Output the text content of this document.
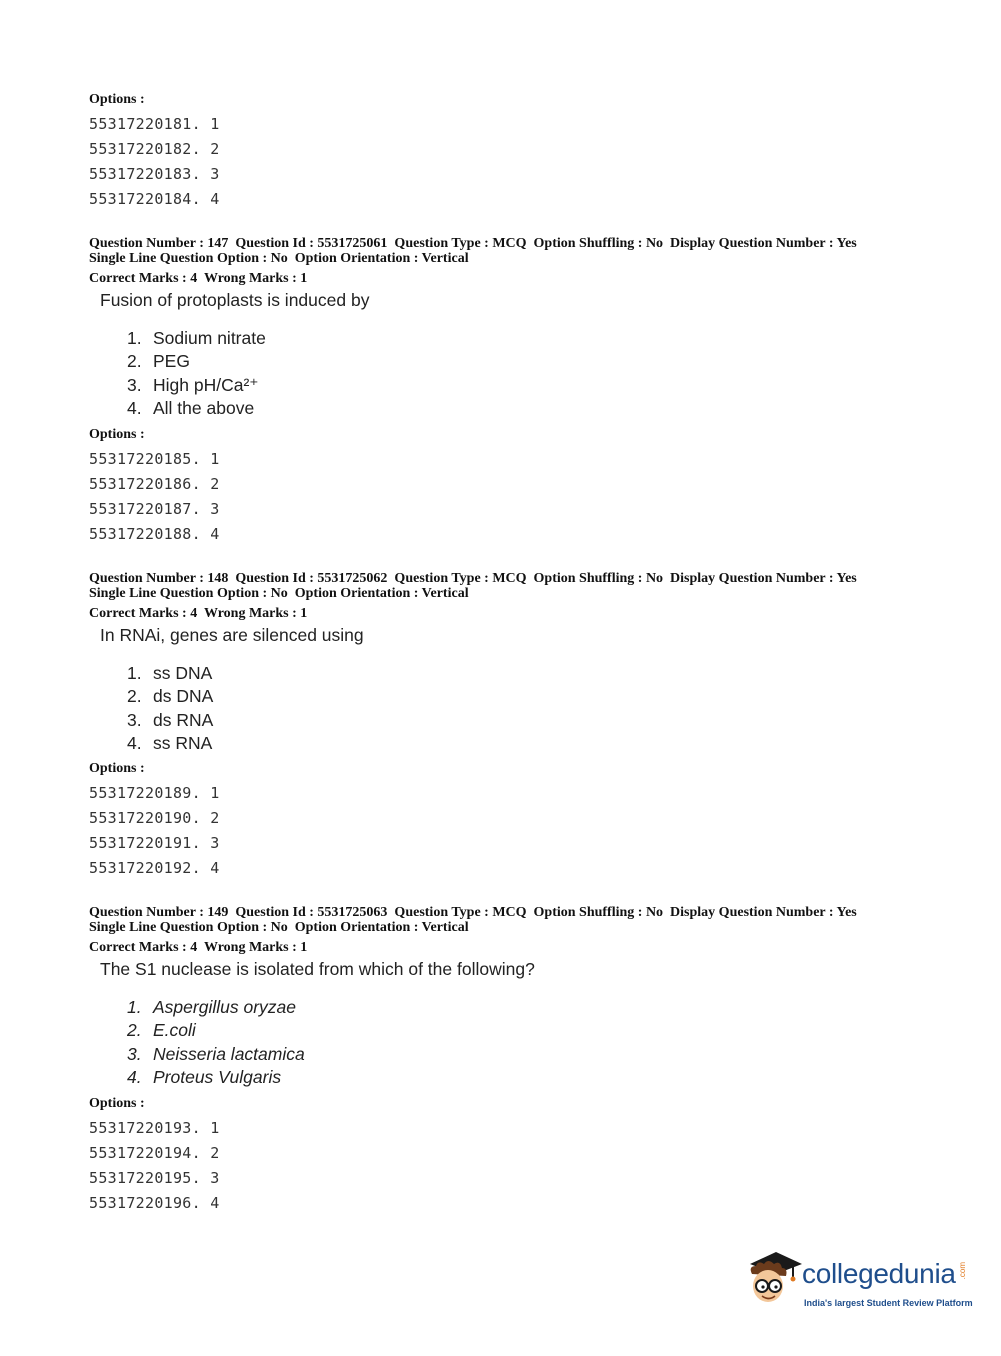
Options :

55317220181. 1
55317220182. 2
55317220183. 3
55317220184. 4

Question Number : 147  Question Id : 5531725061  Question Type : MCQ  Option Shuffling : No  Display Question Number : Yes

Single Line Question Option : No  Option Orientation : Vertical

Correct Marks : 4  Wrong Marks : 1

Fusion of protoplasts is induced by
1. Sodium nitrate
2. PEG
3. High pH/Ca²⁺
4. All the above

Options :

55317220185. 1
55317220186. 2
55317220187. 3
55317220188. 4

Question Number : 148  Question Id : 5531725062  Question Type : MCQ  Option Shuffling : No  Display Question Number : Yes

Single Line Question Option : No  Option Orientation : Vertical

Correct Marks : 4  Wrong Marks : 1

In RNAi, genes are silenced using
1. ss DNA
2. ds DNA
3. ds RNA
4. ss RNA

Options :

55317220189. 1
55317220190. 2
55317220191. 3
55317220192. 4

Question Number : 149  Question Id : 5531725063  Question Type : MCQ  Option Shuffling : No  Display Question Number : Yes

Single Line Question Option : No  Option Orientation : Vertical

Correct Marks : 4  Wrong Marks : 1

The S1 nuclease is isolated from which of the following?
1. Aspergillus oryzae
2. E.coli
3. Neisseria lactamica
4. Proteus Vulgaris

Options :

55317220193. 1
55317220194. 2
55317220195. 3
55317220196. 4
collegedunia .com
India's largest Student Review Platform
